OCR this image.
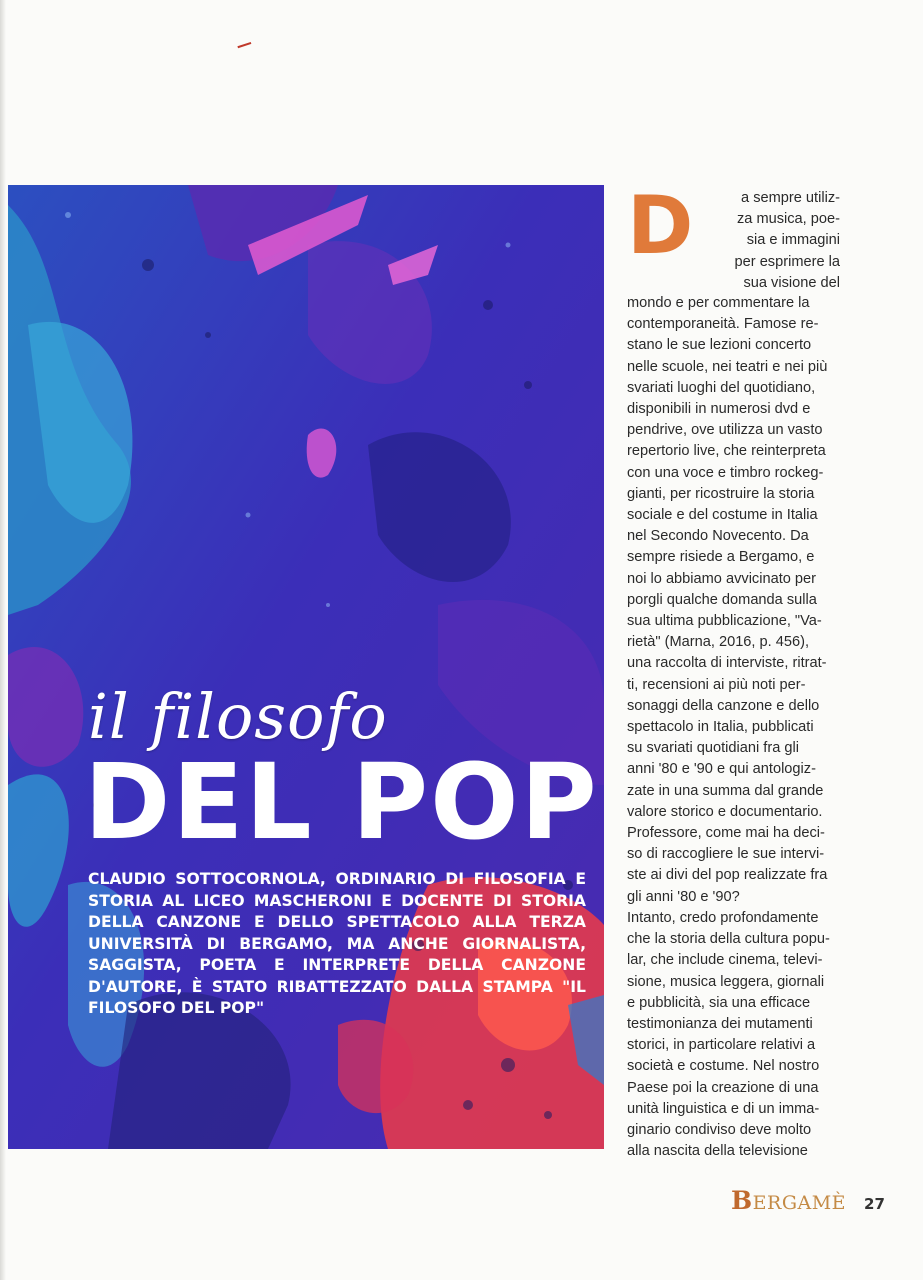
il filosofo
DEL POP

CLAUDIO SOTTOCORNOLA, ORDINARIO DI FILOSOFIA E STORIA AL LICEO MASCHERONI E DOCENTE DI STORIA DELLA CANZONE E DELLO SPETTACOLO ALLA TERZA UNIVERSITÀ DI BERGAMO, MA ANCHE GIORNALISTA, SAGGISTA, POETA E INTERPRETE DELLA CANZONE D'AUTORE, È STATO RIBATTEZZATO DALLA STAMPA "IL FILOSOFO DEL POP"

D	a sempre utiliz-
za musica, poe-
sia e immagini
per esprimere la
sua visione del
mondo e per commentare la
contemporaneità. Famose re-
stano le sue lezioni concerto
nelle scuole, nei teatri e nei più
svariati luoghi del quotidiano,
disponibili in numerosi dvd e
pendrive, ove utilizza un vasto
repertorio live, che reinterpreta
con una voce e timbro rockeg-
gianti, per ricostruire la storia
sociale e del costume in Italia
nel Secondo Novecento. Da
sempre risiede a Bergamo, e
noi lo abbiamo avvicinato per
porgli qualche domanda sulla
sua ultima pubblicazione, "Va-
rietà" (Marna, 2016, p. 456),
una raccolta di interviste, ritrat-
ti, recensioni ai più noti per-
sonaggi della canzone e dello
spettacolo in Italia, pubblicati
su svariati quotidiani fra gli
anni '80 e '90 e qui antologiz-
zate in una summa dal grande
valore storico e documentario.
Professore, come mai ha deci-
so di raccogliere le sue intervi-
ste ai divi del pop realizzate fra
gli anni '80 e '90?
Intanto, credo profondamente
che la storia della cultura popu-
lar, che include cinema, televi-
sione, musica leggera, giornali
e pubblicità, sia una efficace
testimonianza dei mutamenti
storici, in particolare relativi a
società e costume. Nel nostro
Paese poi la creazione di una
unità linguistica e di un imma-
ginario condiviso deve molto
alla nascita della televisione
BERGAMÈ 27
